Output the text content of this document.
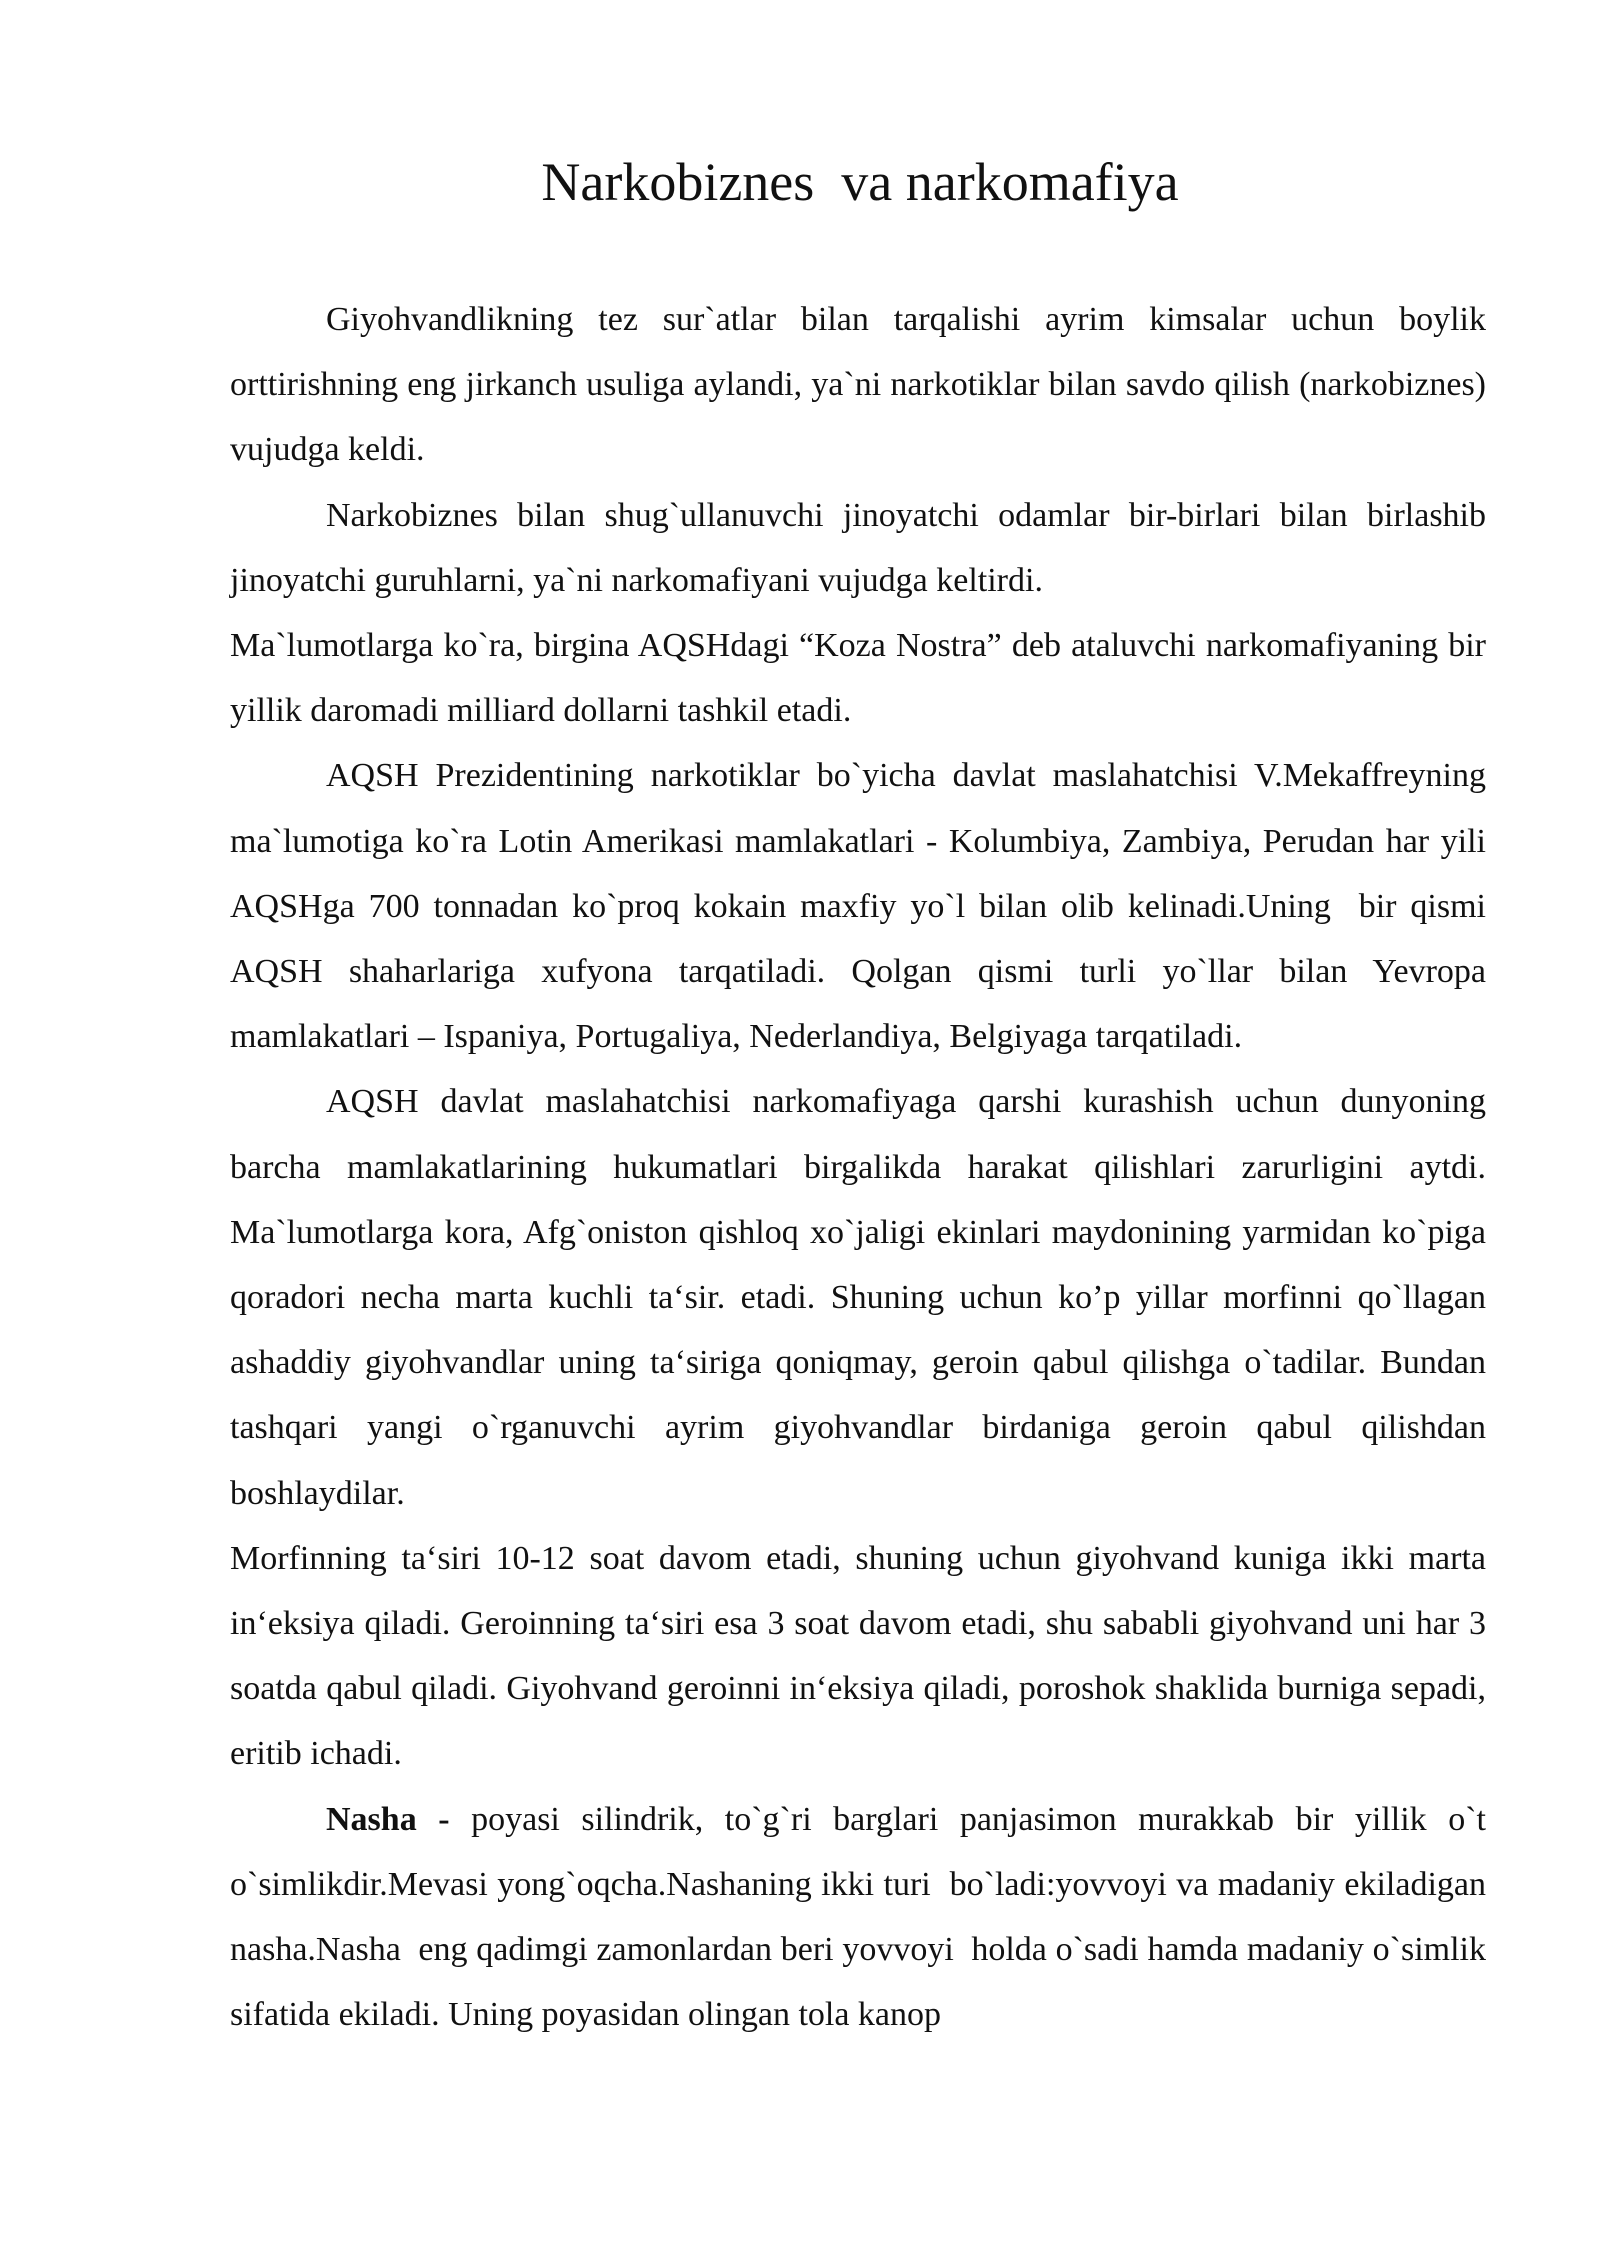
Narkobiznes  va narkomafiya

Giyohvandlikning tez sur`atlar bilan tarqalishi ayrim kimsalar uchun boylik orttirishning eng jirkanch usuliga aylandi, ya`ni narkotiklar bilan savdo qilish (narkobiznes) vujudga keldi.

Narkobiznes bilan shug`ullanuvchi jinoyatchi odamlar bir-birlari bilan birlashib jinoyatchi guruhlarni, ya`ni narkomafiyani vujudga keltirdi.

Ma`lumotlarga ko`ra, birgina AQSHdagi “Koza Nostra” deb ataluvchi narkomafiyaning bir yillik daromadi milliard dollarni tashkil etadi.

AQSH Prezidentining narkotiklar bo`yicha davlat maslahatchisi V.Mekaffreyning ma`lumotiga ko`ra Lotin Amerikasi mamlakatlari - Kolumbiya, Zambiya, Perudan har yili AQSHga 700 tonnadan ko`proq kokain maxfiy yo`l bilan olib kelinadi.Uning  bir qismi AQSH shaharlariga xufyona tarqatiladi. Qolgan qismi turli yo`llar bilan Yevropa mamlakatlari – Ispaniya, Portugaliya, Nederlandiya, Belgiyaga tarqatiladi.

AQSH davlat maslahatchisi narkomafiyaga qarshi kurashish uchun dunyoning barcha mamlakatlarining hukumatlari birgalikda harakat qilishlari zarurligini aytdi. Ma`lumotlarga kora, Afg`oniston qishloq xo`jaligi ekinlari maydonining yarmidan ko`piga qoradori necha marta kuchli ta‘sir. etadi. Shuning uchun ko’p yillar morfinni qo`llagan ashaddiy giyohvandlar uning ta‘siriga qoniqmay, geroin qabul qilishga o`tadilar. Bundan tashqari yangi o`rganuvchi ayrim giyohvandlar birdaniga geroin qabul qilishdan boshlaydilar.

Morfinning ta‘siri 10-12 soat davom etadi, shuning uchun giyohvand kuniga ikki marta in‘eksiya qiladi. Geroinning ta‘siri esa 3 soat davom etadi, shu sababli giyohvand uni har 3 soatda qabul qiladi. Giyohvand geroinni in‘eksiya qiladi, poroshok shaklida burniga sepadi, eritib ichadi.

Nasha - poyasi silindrik, to`g`ri barglari panjasimon murakkab bir yillik o`t o`simlikdir.Mevasi yong`oqcha.Nashaning ikki turi  bo`ladi:yovvoyi va madaniy ekiladigan  nasha.Nasha  eng qadimgi zamonlardan beri yovvoyi  holda o`sadi hamda madaniy o`simlik sifatida ekiladi. Uning poyasidan olingan tola kanop
